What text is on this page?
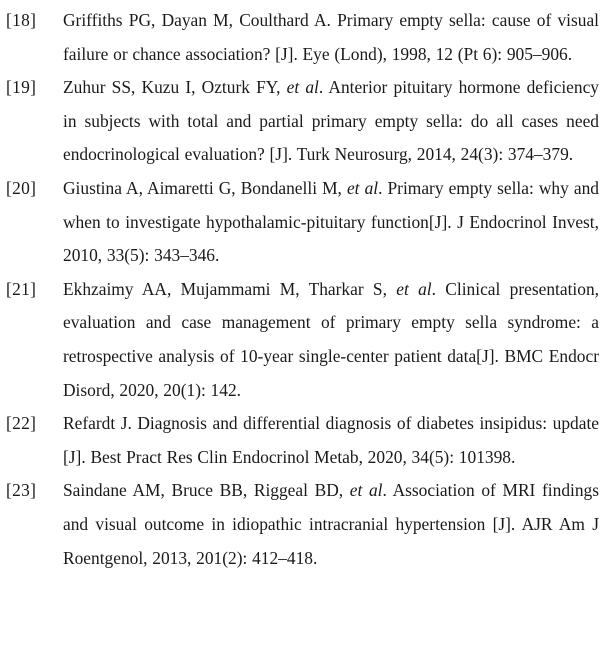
[18] Griffiths PG, Dayan M, Coulthard A. Primary empty sella: cause of visual failure or chance association? [J]. Eye (Lond), 1998, 12 (Pt 6): 905–906.
[19] Zuhur SS, Kuzu I, Ozturk FY, et al. Anterior pituitary hormone deficiency in subjects with total and partial primary empty sella: do all cases need endocrinological evaluation? [J]. Turk Neurosurg, 2014, 24(3): 374–379.
[20] Giustina A, Aimaretti G, Bondanelli M, et al. Primary empty sella: why and when to investigate hypothalamic-pituitary function[J]. J Endocrinol Invest, 2010, 33(5): 343–346.
[21] Ekhzaimy AA, Mujammami M, Tharkar S, et al. Clinical presentation, evaluation and case management of primary empty sella syndrome: a retrospective analysis of 10-year single-center patient data[J]. BMC Endocr Disord, 2020, 20(1): 142.
[22] Refardt J. Diagnosis and differential diagnosis of diabetes insipidus: update [J]. Best Pract Res Clin Endocrinol Metab, 2020, 34(5): 101398.
[23] Saindane AM, Bruce BB, Riggeal BD, et al. Association of MRI findings and visual outcome in idiopathic intracranial hypertension [J]. AJR Am J Roentgenol, 2013, 201(2): 412–418.
